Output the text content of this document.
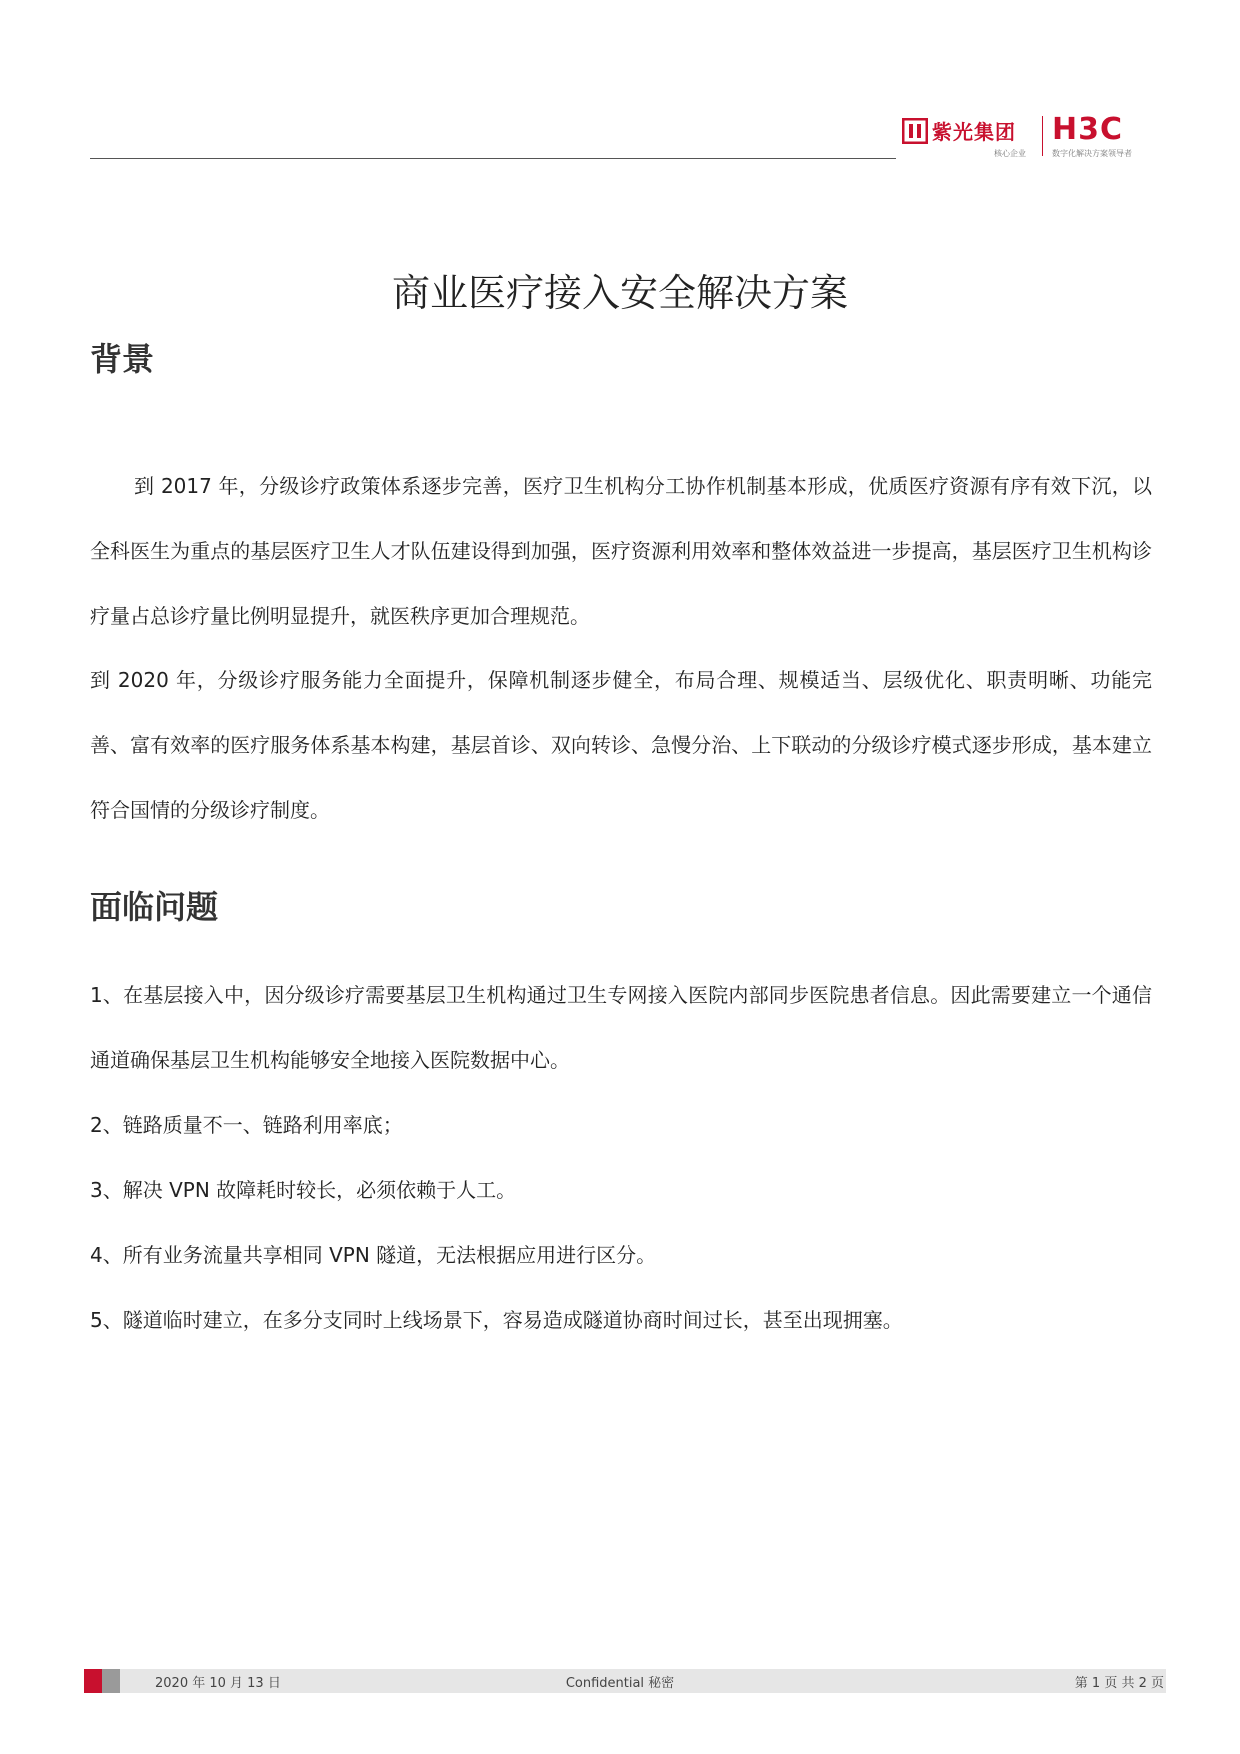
紫光集团
核心企业
H3C
数字化解决方案领导者
商业医疗接入安全解决方案
背景

到 2017 年，分级诊疗政策体系逐步完善，医疗卫生机构分工协作机制基本形成，优质医疗资源有序有效下沉，以全科医生为重点的基层医疗卫生人才队伍建设得到加强，医疗资源利用效率和整体效益进一步提高，基层医疗卫生机构诊疗量占总诊疗量比例明显提升，就医秩序更加合理规范。

到 2020 年，分级诊疗服务能力全面提升，保障机制逐步健全，布局合理、规模适当、层级优化、职责明晰、功能完善、富有效率的医疗服务体系基本构建，基层首诊、双向转诊、急慢分治、上下联动的分级诊疗模式逐步形成，基本建立符合国情的分级诊疗制度。

面临问题
1、在基层接入中，因分级诊疗需要基层卫生机构通过卫生专网接入医院内部同步医院患者信息。因此需要建立一个通信通道确保基层卫生机构能够安全地接入医院数据中心。
2、链路质量不一、链路利用率底；
3、解决 VPN 故障耗时较长，必须依赖于人工。
4、所有业务流量共享相同 VPN 隧道，无法根据应用进行区分。
5、隧道临时建立，在多分支同时上线场景下，容易造成隧道协商时间过长，甚至出现拥塞。
2020 年 10 月 13 日	Confidential 秘密	第 1 页 共 2 页
